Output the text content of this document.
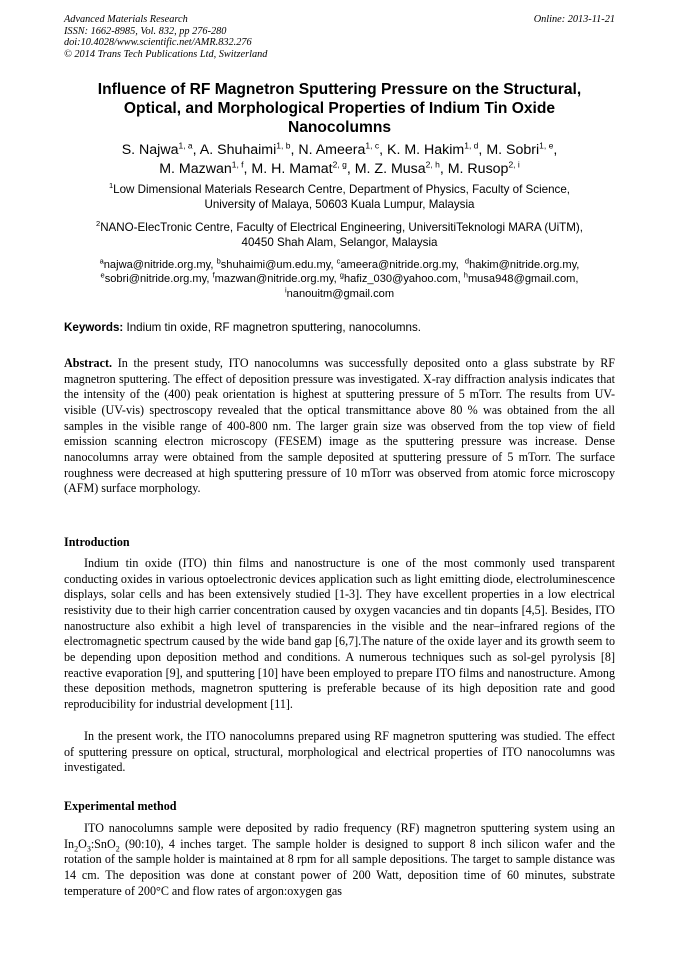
Advanced Materials Research
ISSN: 1662-8985, Vol. 832, pp 276-280
doi:10.4028/www.scientific.net/AMR.832.276
© 2014 Trans Tech Publications Ltd, Switzerland
Online: 2013-11-21
Influence of RF Magnetron Sputtering Pressure on the Structural,
Optical, and Morphological Properties of Indium Tin Oxide
Nanocolumns
S. Najwa$^{1, a}$, A. Shuhaimi$^{1, b}$, N. Ameera$^{1, c}$, K. M. Hakim$^{1, d}$, M. Sobri$^{1, e}$,
M. Mazwan$^{1, f}$, M. H. Mamat$^{2, g}$, M. Z. Musa$^{2, h}$, M. Rusop$^{2, i}$
$^1$Low Dimensional Materials Research Centre, Department of Physics, Faculty of Science,
University of Malaya, 50603 Kuala Lumpur, Malaysia
$^2$NANO-ElecTronic Centre, Faculty of Electrical Engineering, UniversitiTeknologi MARA (UiTM),
40450 Shah Alam, Selangor, Malaysia
$^a$najwa@nitride.org.my, $^b$shuhaimi@um.edu.my, $^c$ameera@nitride.org.my,  $^d$hakim@nitride.org.my,
$^e$sobri@nitride.org.my, $^f$mazwan@nitride.org.my, $^g$hafiz_030@yahoo.com, $^h$musa948@gmail.com,
$^i$nanouitm@gmail.com
Keywords: Indium tin oxide, RF magnetron sputtering, nanocolumns.

Abstract. In the present study, ITO nanocolumns was successfully deposited onto a glass substrate by RF magnetron sputtering. The effect of deposition pressure was investigated. X-ray diffraction analysis indicates that the intensity of the (400) peak orientation is highest at sputtering pressure of 5 mTorr. The results from UV-visible (UV-vis) spectroscopy revealed that the optical transmittance above 80 % was obtained from the all samples in the visible range of 400-800 nm. The larger grain size was observed from the top view of field emission scanning electron microscopy (FESEM) image as the sputtering pressure was increase. Dense nanocolumns array were obtained from the sample deposited at sputtering pressure of 5 mTorr. The surface roughness were decreased at high sputtering pressure of 10 mTorr was observed from atomic force microscopy (AFM) surface morphology.

Introduction

Indium tin oxide (ITO) thin films and nanostructure is one of the most commonly used transparent conducting oxides in various optoelectronic devices application such as light emitting diode, electroluminescence displays, solar cells and has been extensively studied [1-3]. They have excellent properties in a low electrical resistivity due to their high carrier concentration caused by oxygen vacancies and tin dopants [4,5]. Besides, ITO nanostructure also exhibit a high level of transparencies in the visible and the near–infrared regions of the electromagnetic spectrum caused by the wide band gap [6,7].The nature of the oxide layer and its growth seem to be depending upon deposition method and conditions. A numerous techniques such as sol-gel pyrolysis [8] reactive evaporation [9], and sputtering [10] have been employed to prepare ITO films and nanostructure. Among these deposition methods, magnetron sputtering is preferable because of its high deposition rate and good reproducibility for industrial development [11].

In the present work, the ITO nanocolumns prepared using RF magnetron sputtering was studied. The effect of sputtering pressure on optical, structural, morphological and electrical properties of ITO nanocolumns was investigated.

Experimental method

ITO nanocolumns sample were deposited by radio frequency (RF) magnetron sputtering system using an $In_2O_3:SnO_2$ (90:10), 4 inches target. The sample holder is designed to support 8 inch silicon wafer and the rotation of the sample holder is maintained at 8 rpm for all sample depositions. The target to sample distance was 14 cm. The deposition was done at constant power of 200 Watt, deposition time of 60 minutes, substrate temperature of 200°C and flow rates of argon:oxygen gas
